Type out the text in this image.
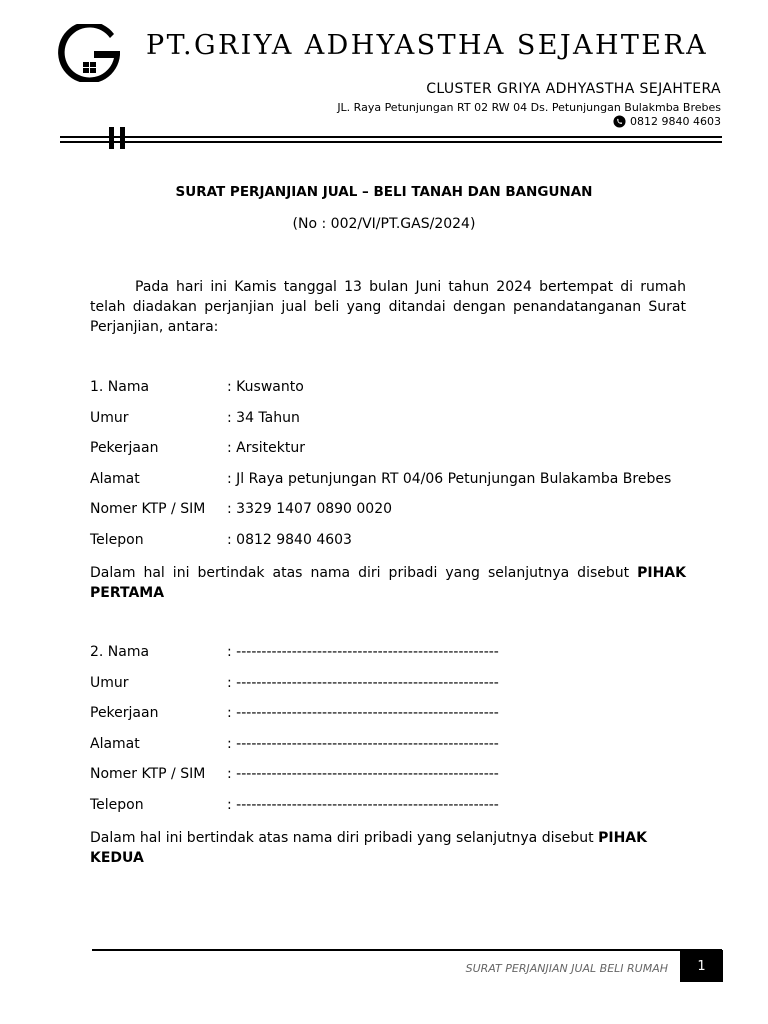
PT.GRIYA ADHYASTHA SEJAHTERA
CLUSTER GRIYA ADHYASTHA SEJAHTERA
JL. Raya Petunjungan RT 02 RW 04 Ds. Petunjungan Bulakmba Brebes
0812 9840 4603
SURAT PERJANJIAN JUAL – BELI TANAH DAN BANGUNAN
(No : 002/VI/PT.GAS/2024)
Pada hari ini Kamis tanggal 13 bulan Juni tahun 2024 bertempat di rumah telah diadakan perjanjian jual beli yang ditandai dengan penandatanganan Surat Perjanjian, antara:
1. Nama	: Kuswanto
Umur	: 34 Tahun
Pekerjaan	: Arsitektur
Alamat	: Jl Raya petunjungan RT 04/06 Petunjungan Bulakamba Brebes
Nomer KTP / SIM : 3329 1407 0890 0020
Telepon	: 0812 9840 4603
Dalam hal ini bertindak atas nama diri pribadi yang selanjutnya disebut PIHAK PERTAMA
2. Nama	: ----------------------------------------------------
Umur	: ----------------------------------------------------
Pekerjaan	: ----------------------------------------------------
Alamat	: ----------------------------------------------------
Nomer KTP / SIM : ----------------------------------------------------
Telepon	: ----------------------------------------------------
Dalam hal ini bertindak atas nama diri pribadi yang selanjutnya disebut PIHAK KEDUA
SURAT PERJANJIAN JUAL BELI RUMAH	1
